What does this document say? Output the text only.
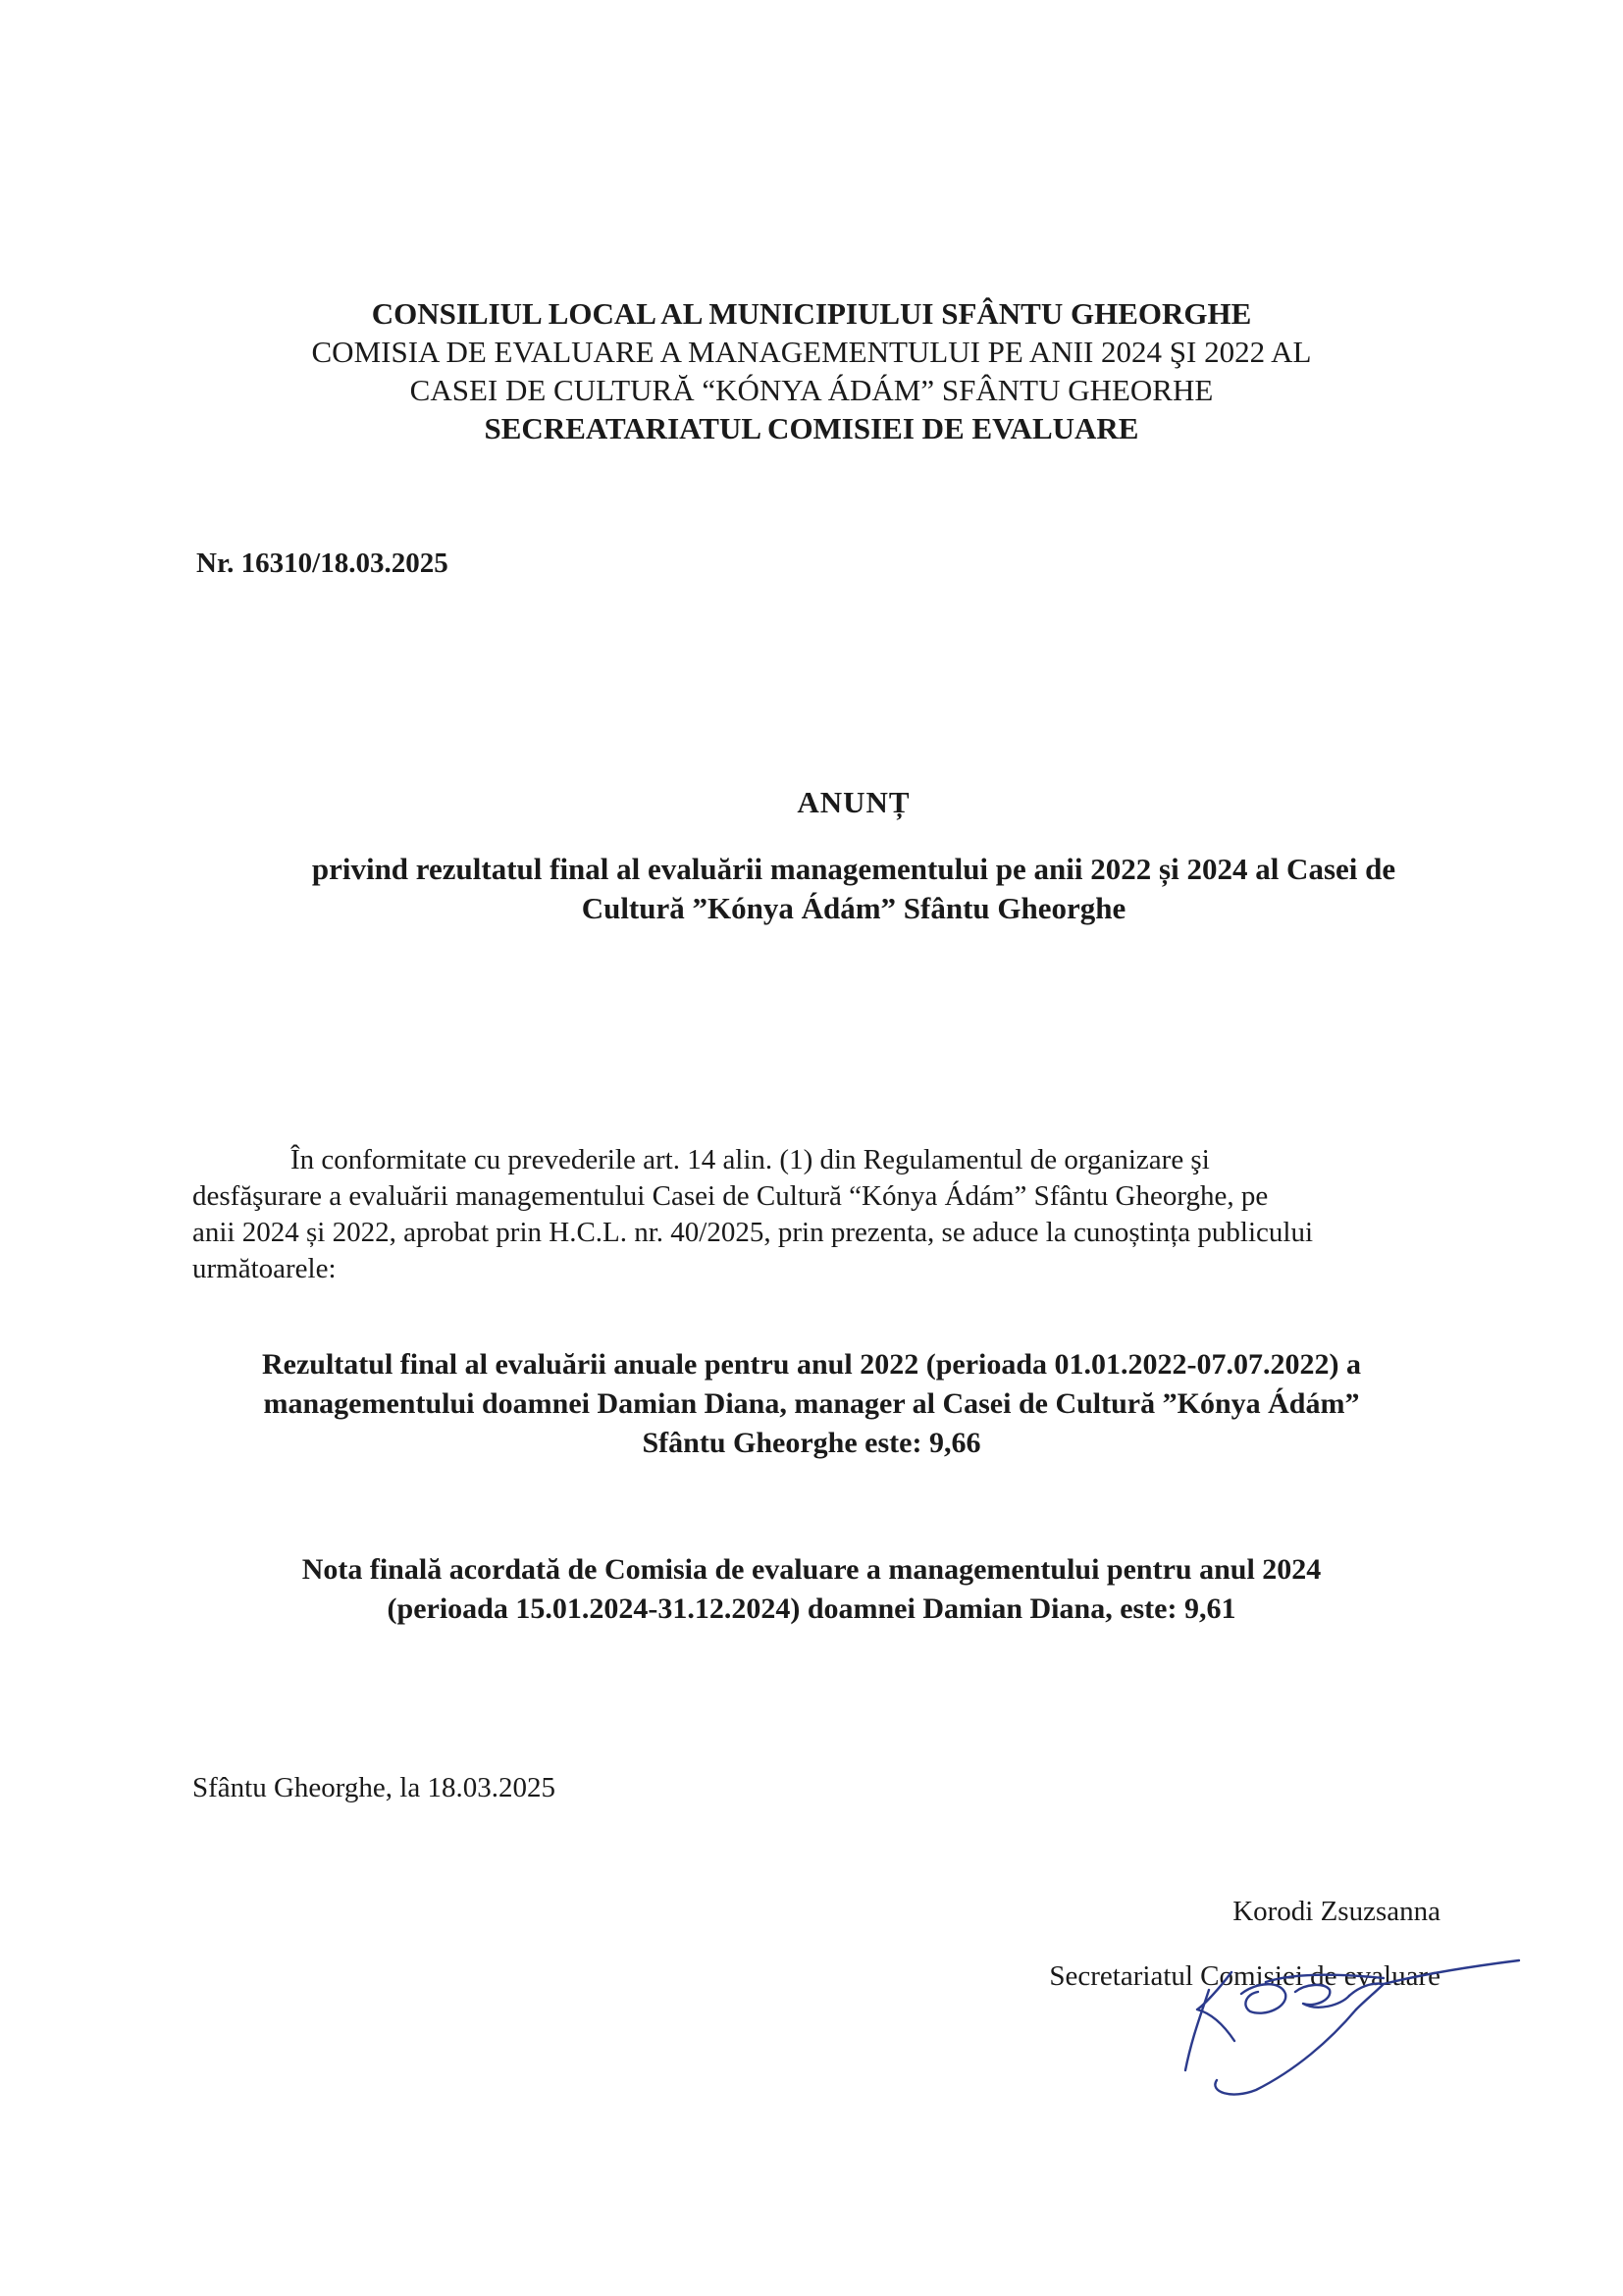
CONSILIUL LOCAL AL MUNICIPIULUI SFÂNTU GHEORGHE
COMISIA DE EVALUARE A MANAGEMENTULUI PE ANII 2024 ŞI 2022 AL
CASEI DE CULTURĂ “KÓNYA ÁDÁM” SFÂNTU GHEORHE
SECREATARIATUL COMISIEI DE EVALUARE
Nr. 16310/18.03.2025
ANUNȚ
privind rezultatul final al evaluării managementului pe anii 2022 și 2024 al Casei de
Cultură ”Kónya Ádám” Sfântu Gheorghe
În conformitate cu prevederile art. 14 alin. (1) din Regulamentul de organizare şi
desfăşurare a evaluării managementului Casei de Cultură “Kónya Ádám” Sfântu Gheorghe, pe
anii 2024 și 2022, aprobat prin H.C.L. nr. 40/2025, prin prezenta, se aduce la cunoștința publicului
următoarele:
Rezultatul final al evaluării anuale pentru anul 2022 (perioada 01.01.2022-07.07.2022) a
managementului doamnei Damian Diana, manager al Casei de Cultură ”Kónya Ádám”
Sfântu Gheorghe este: 9,66
Nota finală acordată de Comisia de evaluare a managementului pentru anul 2024
(perioada 15.01.2024-31.12.2024) doamnei Damian Diana, este: 9,61
Sfântu Gheorghe, la 18.03.2025
Korodi Zsuzsanna
Secretariatul Comisiei de evaluare
